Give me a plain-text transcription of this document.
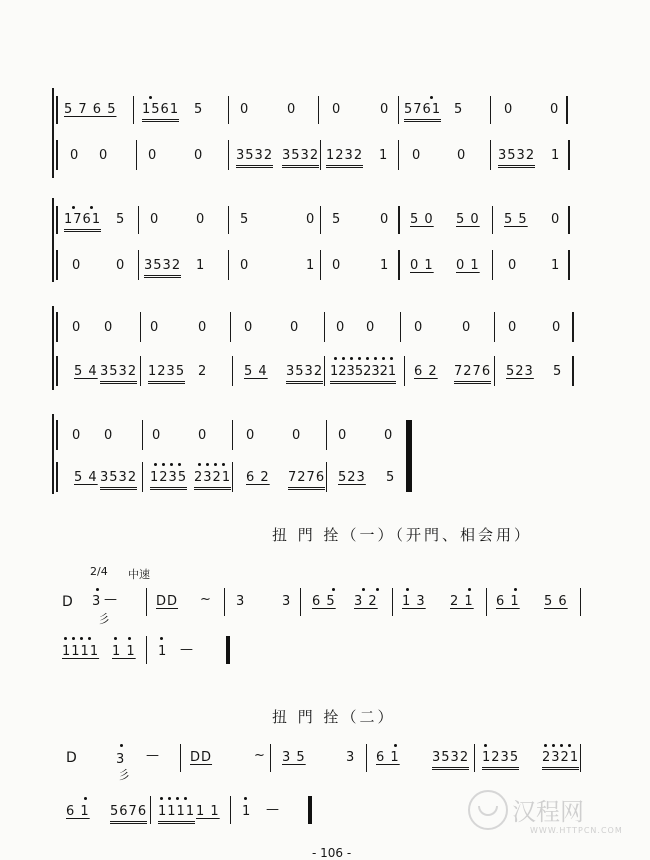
5 7 6 5 1561 5	0	0	0	0 5761 5	0	0
0 0	0	0	3532 3532 1232 1 0	0 3532 1
1761 5 0	0	5	0 5	0 5 0 5 0 5 5 0
0	0 3532 1	0	1 0	1 0 1 0 1 0	1
0 0	0	0	0	0	0 0	0	0	0	0
5 4 3532 1235 2	5 4 3532 12352321 6 2 7276 523 5
0 0	0	0	0	0	0	0
5 4 3532 1235 2321 6 2 7276 523 5
扭 門 拴（一）（开門、相会用）
2/4 中速
D 3 —
彡
DD ~ 3	3 6 5 3 2 1 3 2 1 6 1 5 6
1111 1 1 1 —
扭 門 拴（二）
D	3 —
彡
DD	~ 3 5	3 6 1 3532 1235 2321
6 1 5676 1111 1 1 1 —
- 106 -
汉程网
WWW.HTTPCN.COM
